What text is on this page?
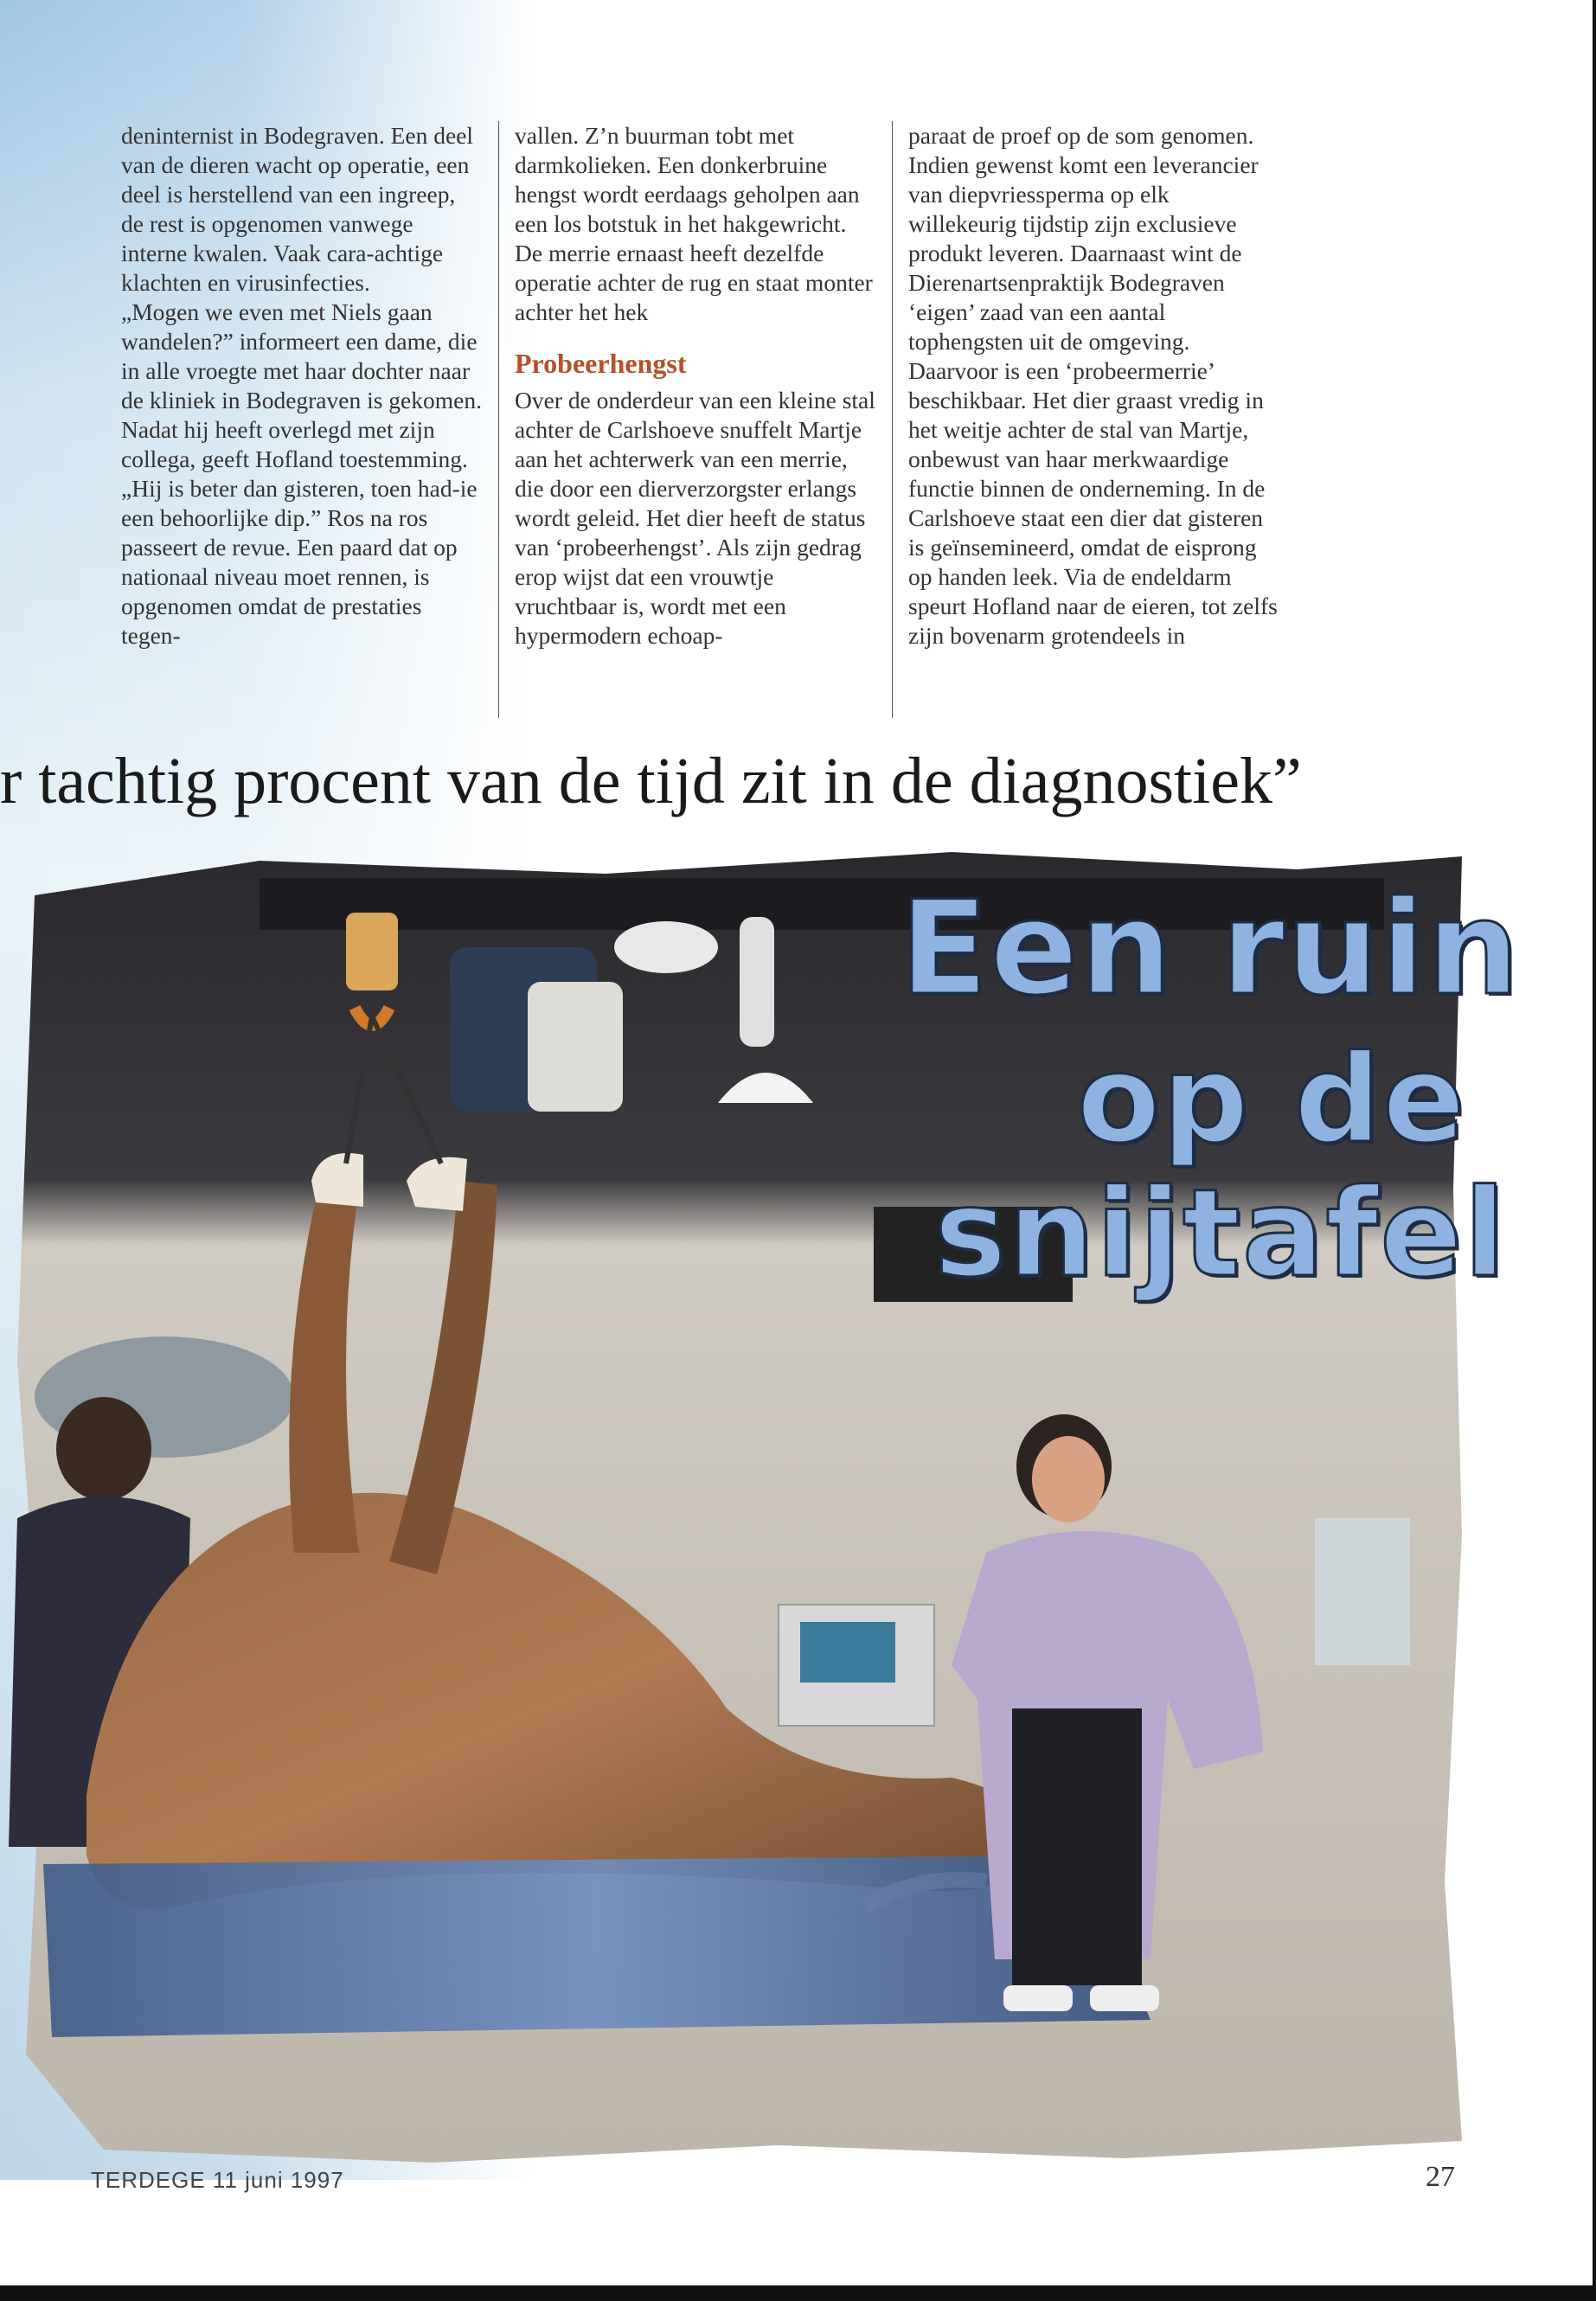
deninternist in Bodegraven. Een deel van de dieren wacht op operatie, een deel is herstellend van een ingreep, de rest is opgenomen vanwege interne kwalen. Vaak cara-achtige klachten en virusinfecties.

„Mogen we even met Niels gaan wandelen?” informeert een dame, die in alle vroegte met haar dochter naar de kliniek in Bodegraven is gekomen. Nadat hij heeft overlegd met zijn collega, geeft Hofland toestemming.

„Hij is beter dan gisteren, toen had-ie een behoorlijke dip.” Ros na ros passeert de revue. Een paard dat op nationaal niveau moet rennen, is opgenomen omdat de prestaties tegen-

vallen. Z’n buurman tobt met darmkolieken. Een donkerbruine hengst wordt eerdaags geholpen aan een los botstuk in het hakgewricht. De merrie ernaast heeft dezelfde operatie achter de rug en staat monter achter het hek

Probeerhengst

Over de onderdeur van een kleine stal achter de Carlshoeve snuffelt Martje aan het achterwerk van een merrie, die door een dierverzorgster erlangs wordt geleid. Het dier heeft de status van ‘probeerhengst’. Als zijn gedrag erop wijst dat een vrouwtje vruchtbaar is, wordt met een hypermodern echoap-

paraat de proef op de som genomen. Indien gewenst komt een leverancier van diepvriessperma op elk willekeurig tijdstip zijn exclusieve produkt leveren. Daarnaast wint de Dierenartsenpraktijk Bodegraven ‘eigen’ zaad van een aantal tophengsten uit de omgeving. Daarvoor is een ‘probeermerrie’ beschikbaar. Het dier graast vredig in het weitje achter de stal van Martje, onbewust van haar merkwaardige functie binnen de onderneming. In de Carlshoeve staat een dier dat gisteren is geïnsemineerd, omdat de eisprong op handen leek. Via de endeldarm speurt Hofland naar de eieren, tot zelfs zijn bovenarm grotendeels in

r tachtig procent van de tijd zit in de diagnostiek”
Een ruin
op de
snijtafel
TERDEGE 11 juni 1997	27
